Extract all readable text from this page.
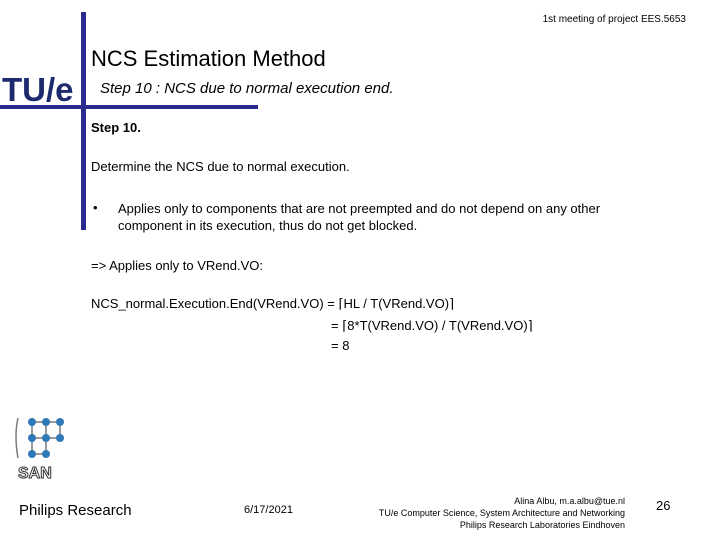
TU/e
1st meeting of project EES.5653
NCS Estimation Method
Step 10 : NCS due to normal execution end.
Step 10.
Determine the NCS due to normal execution.
• Applies only to components that are not preempted and do not depend on any other
component in its execution, thus do not get blocked.
=> Applies only to VRend.VO:
NCS_normal.Execution.End(VRend.VO) = ⌈HL / T(VRend.VO)⌉
= ⌈8*T(VRend.VO) / T(VRend.VO)⌉
= 8
SAN
Philips Research	6/17/2021
Alina Albu, m.a.albu@tue.nl
TU/e Computer Science, System Architecture and Networking
Philips Research Laboratories Eindhoven
26
